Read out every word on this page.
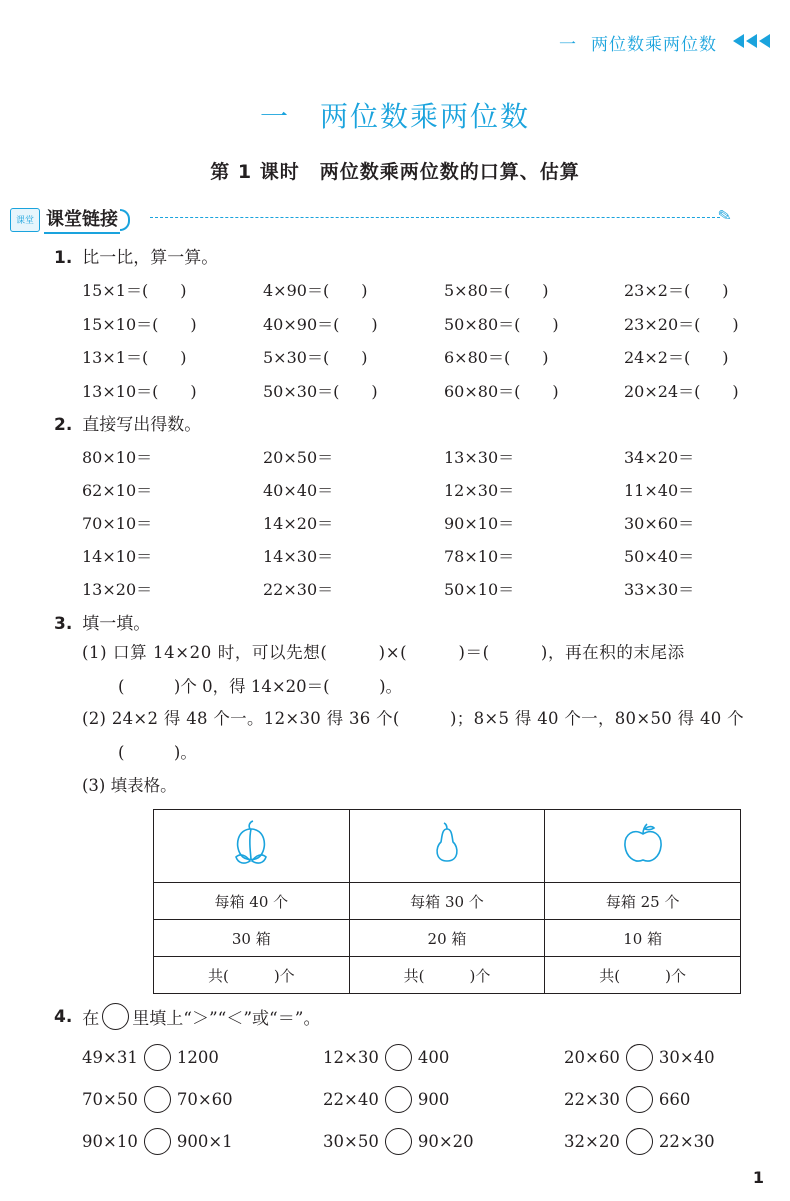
一 两位数乘两位数
一　两位数乘两位数
第 1 课时　两位数乘两位数的口算、估算
课堂 课堂链接	✎
1. 比一比，算一算。
15×1＝(　　)	4×90＝(　　)	5×80＝(　　)	23×2＝(　　)
15×10＝(　　)	40×90＝(　　)	50×80＝(　　)	23×20＝(　　)
13×1＝(　　)	5×30＝(　　)	6×80＝(　　)	24×2＝(　　)
13×10＝(　　)	50×30＝(　　)	60×80＝(　　)	20×24＝(　　)
2. 直接写出得数。
80×10＝	20×50＝	13×30＝	34×20＝
62×10＝	40×40＝	12×30＝	11×40＝
70×10＝	14×20＝	90×10＝	30×60＝
14×10＝	14×30＝	78×10＝	50×40＝
13×20＝	22×30＝	50×10＝	33×30＝
3. 填一填。
(1) 口算 14×20 时，可以先想(　　　)×(　　　)＝(　　　)，再在积的末尾添
(　　　)个 0，得 14×20＝(　　　)。
(2) 24×2 得 48 个一。12×30 得 36 个(　　　)；8×5 得 40 个一，80×50 得 40 个
(　　　)。
(3) 填表格。

每箱 40 个	每箱 30 个	每箱 25 个
30 箱	20 箱	10 箱
共(　　　)个	共(　　　)个	共(　　　)个
4. 在 里填上“＞”“＜”或“＝”。
49×31 1200	12×30 400	20×60 30×40
70×50 70×60	22×40 900	22×30 660
90×10 900×1	30×50 90×20	32×20 22×30
1
